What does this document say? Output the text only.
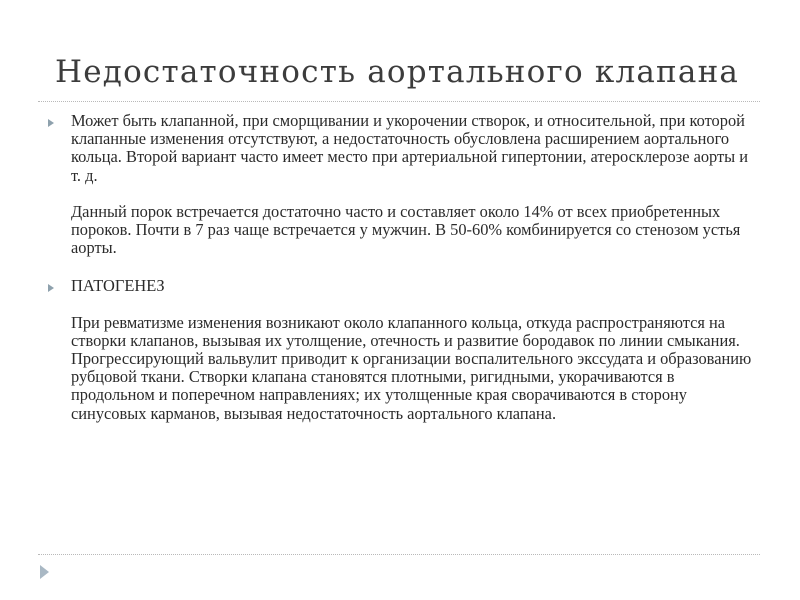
Недостаточность аортального клапана

Может быть клапанной, при сморщивании и укорочении створок, и относительной, при которой клапанные изменения отсутствуют, а недостаточность обусловлена расширением аортального кольца. Второй вариант часто имеет место при артериальной гипертонии, атеросклерозе аорты и т. д.

Данный порок встречается достаточно часто и составляет около 14% от всех приобретенных пороков. Почти в 7 раз чаще встречается у мужчин. В 50-60% комбинируется со стенозом устья аорты.

ПАТОГЕНЕЗ

При ревматизме изменения возникают около клапанного кольца, откуда распространяются на створки клапанов, вызывая их утолщение, отечность и развитие бородавок по линии смыкания. Прогрессирующий вальвулит приводит к организации воспалительного экссудата и образованию рубцовой ткани. Створки клапана становятся плотными, ригидными, укорачиваются в продольном и поперечном направлениях; их утолщенные края сворачиваются в сторону синусовых карманов, вызывая недостаточность аортального клапана.
